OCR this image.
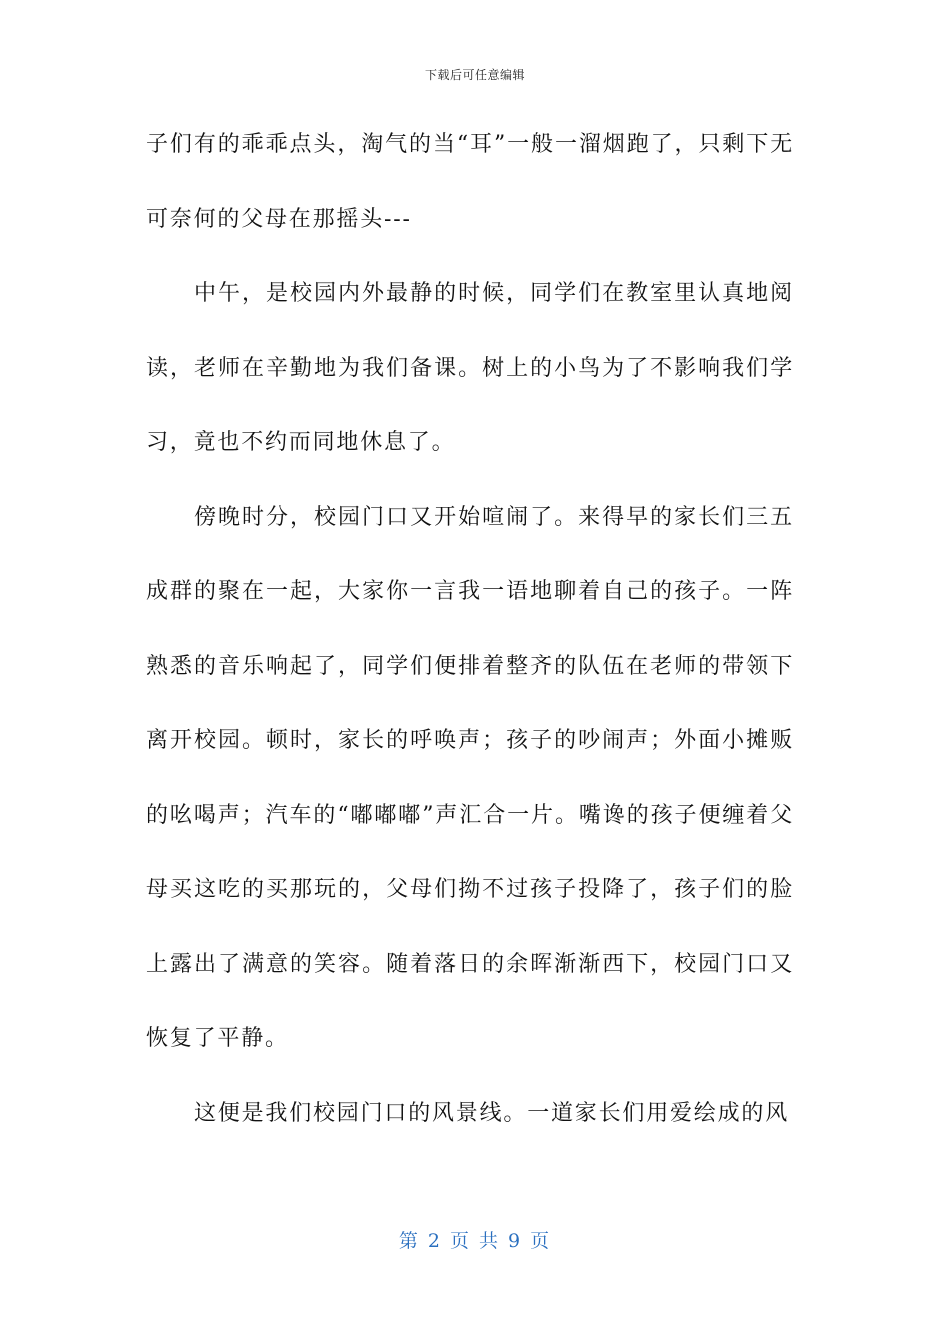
下载后可任意编辑

子们有的乖乖点头，淘气的当“耳”一般一溜烟跑了，只剩下无可奈何的父母在那摇头---

中午，是校园内外最静的时候，同学们在教室里认真地阅读，老师在辛勤地为我们备课。树上的小鸟为了不影响我们学习，竟也不约而同地休息了。

傍晚时分，校园门口又开始喧闹了。来得早的家长们三五成群的聚在一起，大家你一言我一语地聊着自己的孩子。一阵熟悉的音乐响起了，同学们便排着整齐的队伍在老师的带领下离开校园。顿时，家长的呼唤声；孩子的吵闹声；外面小摊贩的吆喝声；汽车的“嘟嘟嘟”声汇合一片。嘴谗的孩子便缠着父母买这吃的买那玩的，父母们拗不过孩子投降了，孩子们的脸上露出了满意的笑容。随着落日的余晖渐渐西下，校园门口又恢复了平静。

这便是我们校园门口的风景线。一道家长们用爱绘成的风

第 2 页 共 9 页
